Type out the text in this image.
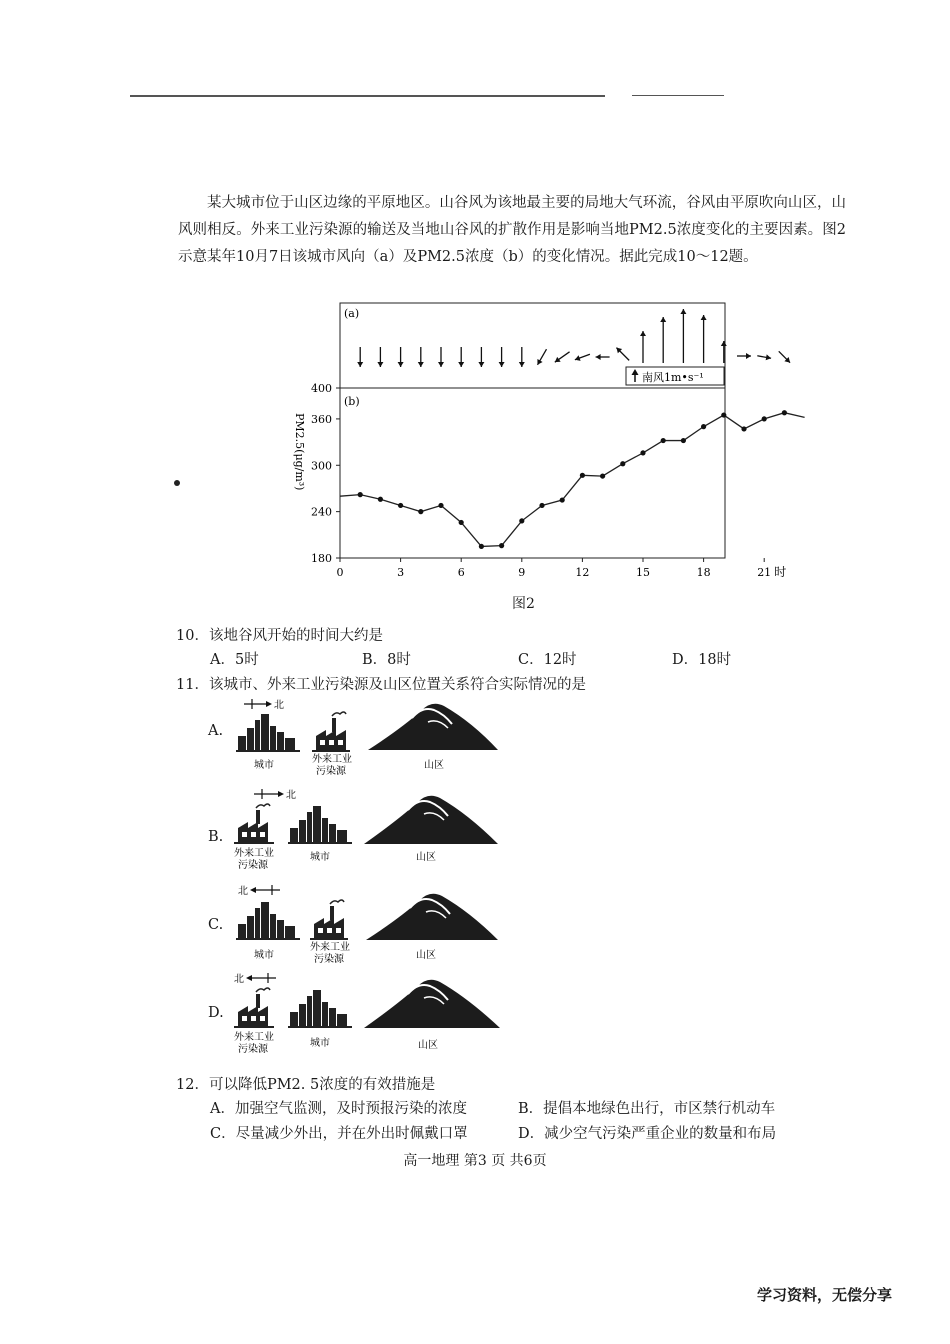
某大城市位于山区边缘的平原地区。山谷风为该地最主要的局地大气环流，谷风由平原吹向山区，山风则相反。外来工业污染源的输送及当地山谷风的扩散作用是影响当地PM2.5浓度变化的主要因素。图2示意某年10月7日该城市风向（a）及PM2.5浓度（b）的变化情况。据此完成10～12题。

(a)
(b)
南风1m•s⁻¹
PM2.5(μg/m³)
180
240
300
360
400
0	3	6	9	12	15	18	21 时
图2
10．该地谷风开始的时间大约是
A．5时	B．8时	C．12时	D．18时
11．该城市、外来工业污染源及山区位置关系符合实际情况的是
A.
北
城市
外来工业
污染源
山区
B.
北
外来工业
污染源
城市	山区
C.
北
城市
外来工业
污染源	山区
D.
北
外来工业
污染源
城市	山区
12．可以降低PM2. 5浓度的有效措施是
A．加强空气监测，及时预报污染的浓度	B．提倡本地绿色出行，市区禁行机动车
C．尽量减少外出，并在外出时佩戴口罩	D．减少空气污染严重企业的数量和布局
高一地理 第3 页 共6页
学习资料，无偿分享
